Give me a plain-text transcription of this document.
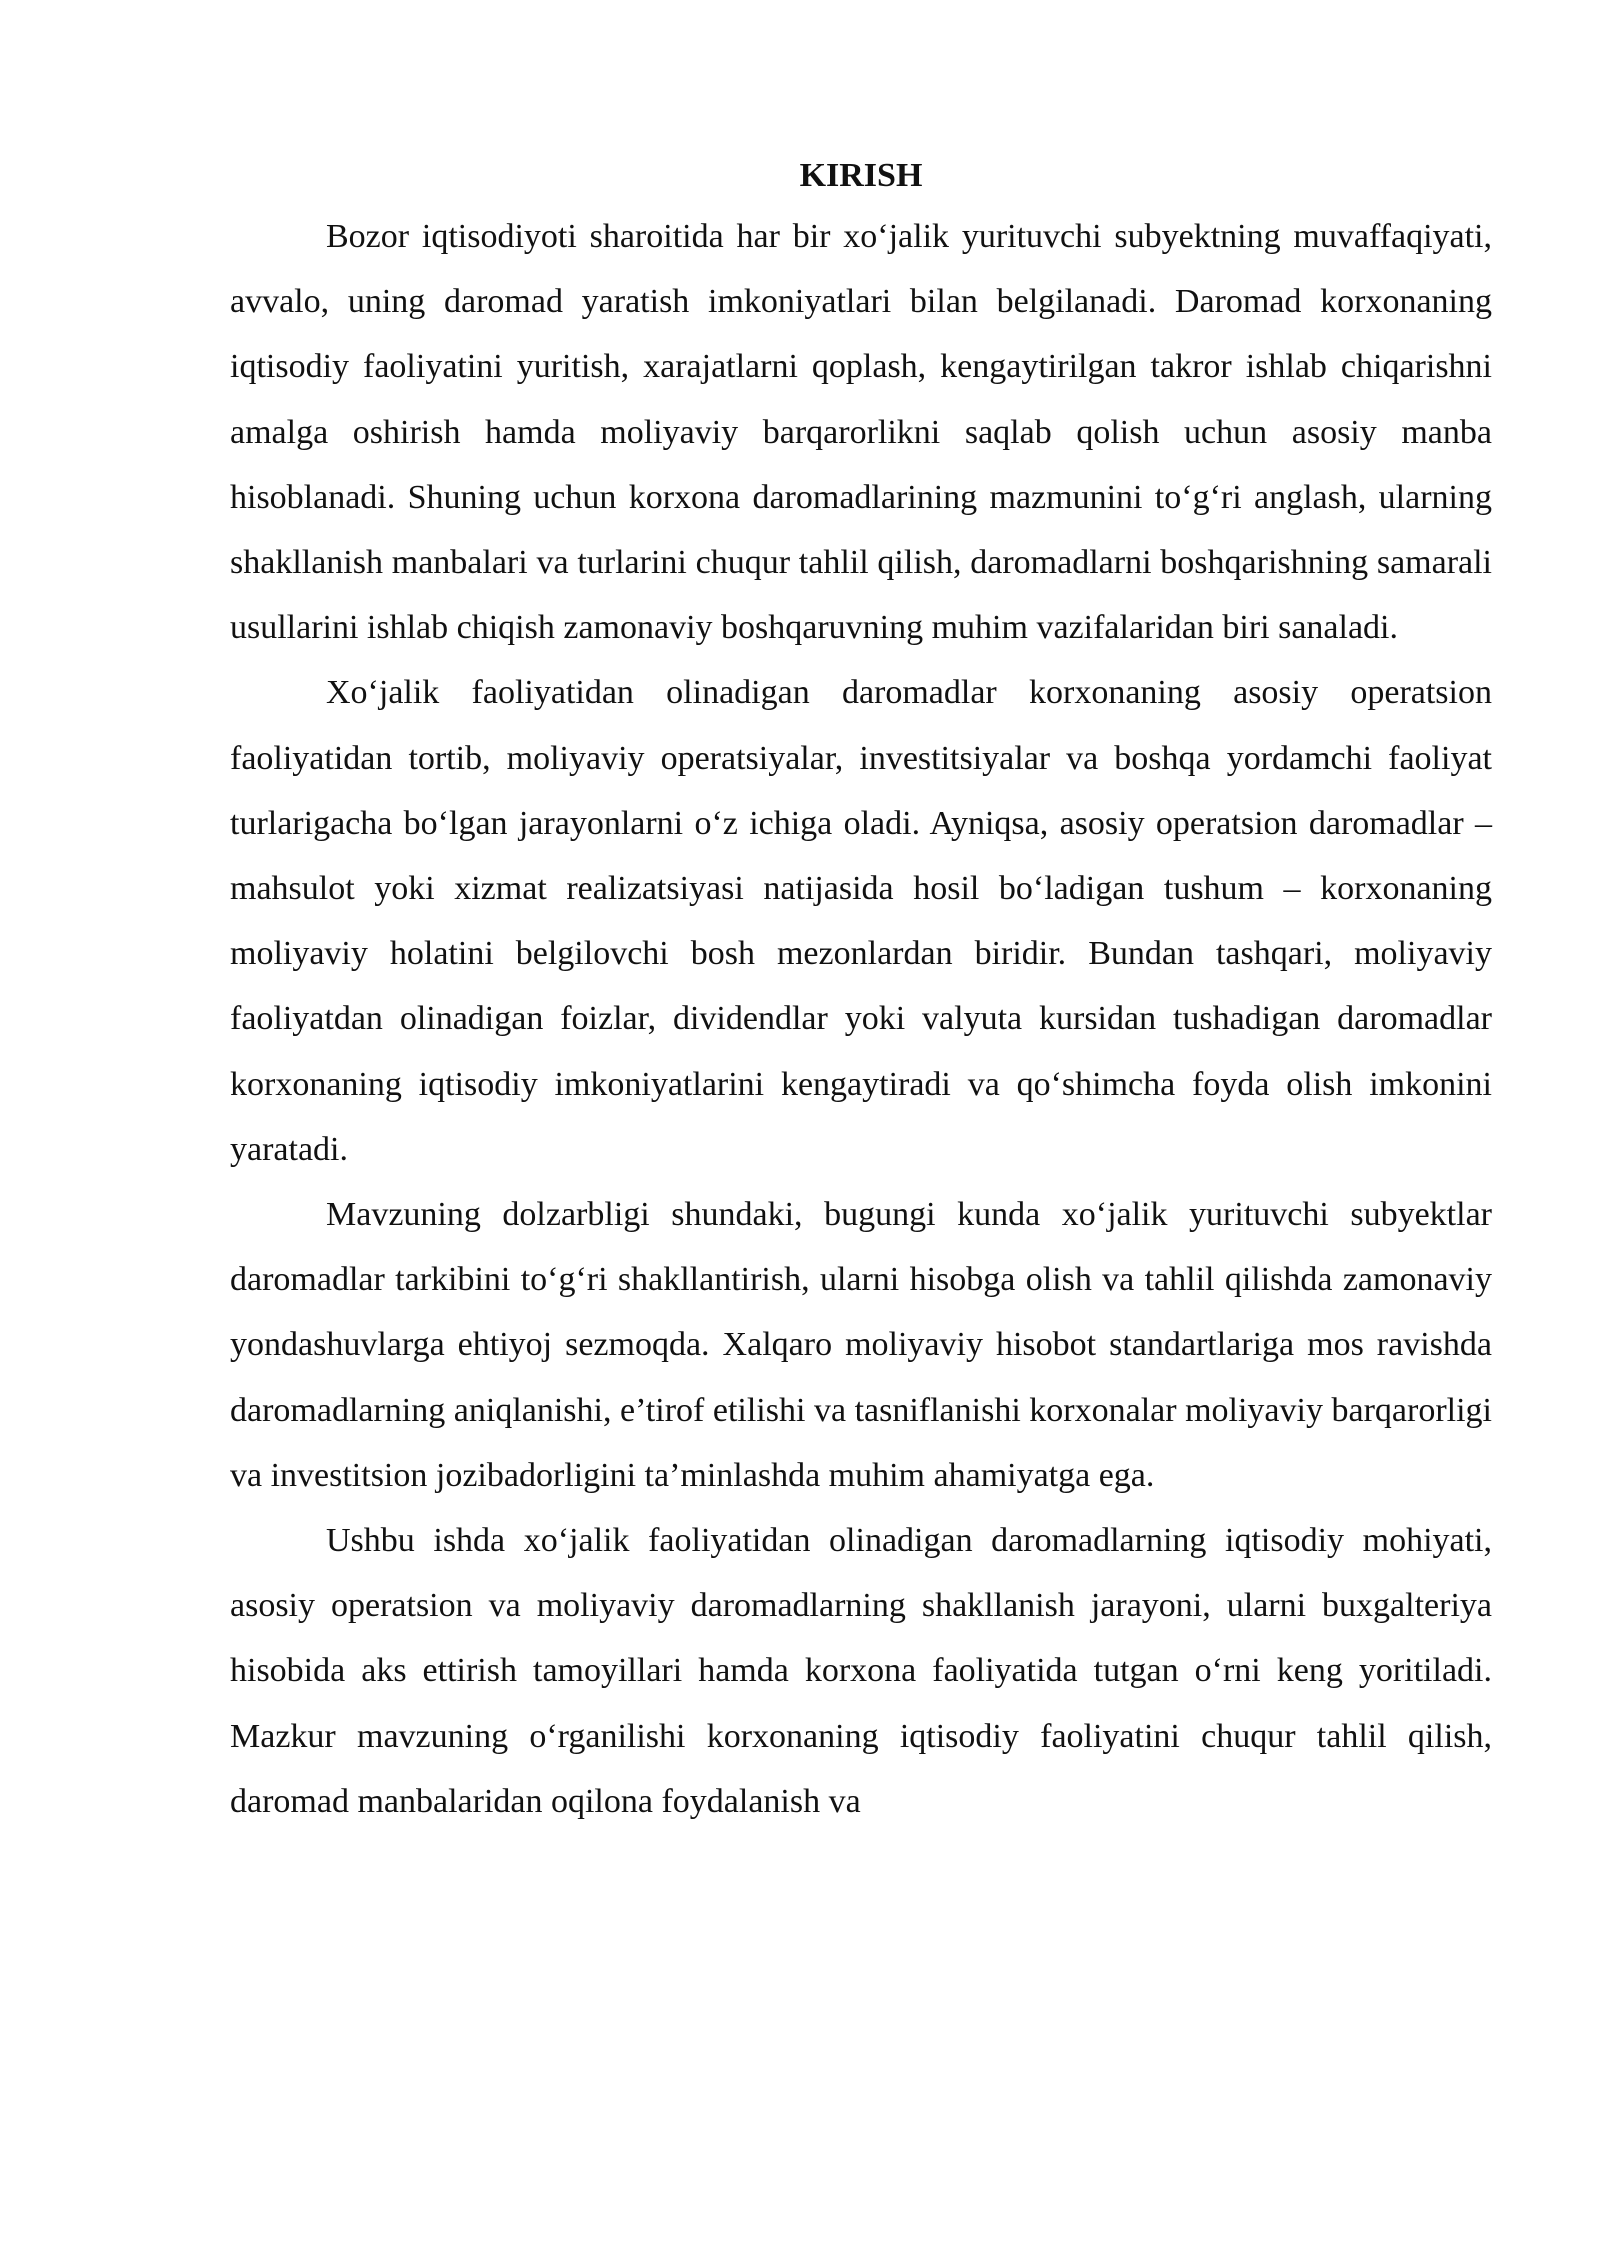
KIRISH

Bozor iqtisodiyoti sharoitida har bir xo‘jalik yurituvchi subyektning muvaffaqiyati, avvalo, uning daromad yaratish imkoniyatlari bilan belgilanadi. Daromad korxonaning iqtisodiy faoliyatini yuritish, xarajatlarni qoplash, kengaytirilgan takror ishlab chiqarishni amalga oshirish hamda moliyaviy barqarorlikni saqlab qolish uchun asosiy manba hisoblanadi. Shuning uchun korxona daromadlarining mazmunini to‘g‘ri anglash, ularning shakllanish manbalari va turlarini chuqur tahlil qilish, daromadlarni boshqarishning samarali usullarini ishlab chiqish zamonaviy boshqaruvning muhim vazifalaridan biri sanaladi.

Xo‘jalik faoliyatidan olinadigan daromadlar korxonaning asosiy operatsion faoliyatidan tortib, moliyaviy operatsiyalar, investitsiyalar va boshqa yordamchi faoliyat turlarigacha bo‘lgan jarayonlarni o‘z ichiga oladi. Ayniqsa, asosiy operatsion daromadlar – mahsulot yoki xizmat realizatsiyasi natijasida hosil bo‘ladigan tushum – korxonaning moliyaviy holatini belgilovchi bosh mezonlardan biridir. Bundan tashqari, moliyaviy faoliyatdan olinadigan foizlar, dividendlar yoki valyuta kursidan tushadigan daromadlar korxonaning iqtisodiy imkoniyatlarini kengaytiradi va qo‘shimcha foyda olish imkonini yaratadi.

Mavzuning dolzarbligi shundaki, bugungi kunda xo‘jalik yurituvchi subyektlar daromadlar tarkibini to‘g‘ri shakllantirish, ularni hisobga olish va tahlil qilishda zamonaviy yondashuvlarga ehtiyoj sezmoqda. Xalqaro moliyaviy hisobot standartlariga mos ravishda daromadlarning aniqlanishi, e’tirof etilishi va tasniflanishi korxonalar moliyaviy barqarorligi va investitsion jozibadorligini ta’minlashda muhim ahamiyatga ega.

Ushbu ishda xo‘jalik faoliyatidan olinadigan daromadlarning iqtisodiy mohiyati, asosiy operatsion va moliyaviy daromadlarning shakllanish jarayoni, ularni buxgalteriya hisobida aks ettirish tamoyillari hamda korxona faoliyatida tutgan o‘rni keng yoritiladi. Mazkur mavzuning o‘rganilishi korxonaning iqtisodiy faoliyatini chuqur tahlil qilish, daromad manbalaridan oqilona foydalanish va
